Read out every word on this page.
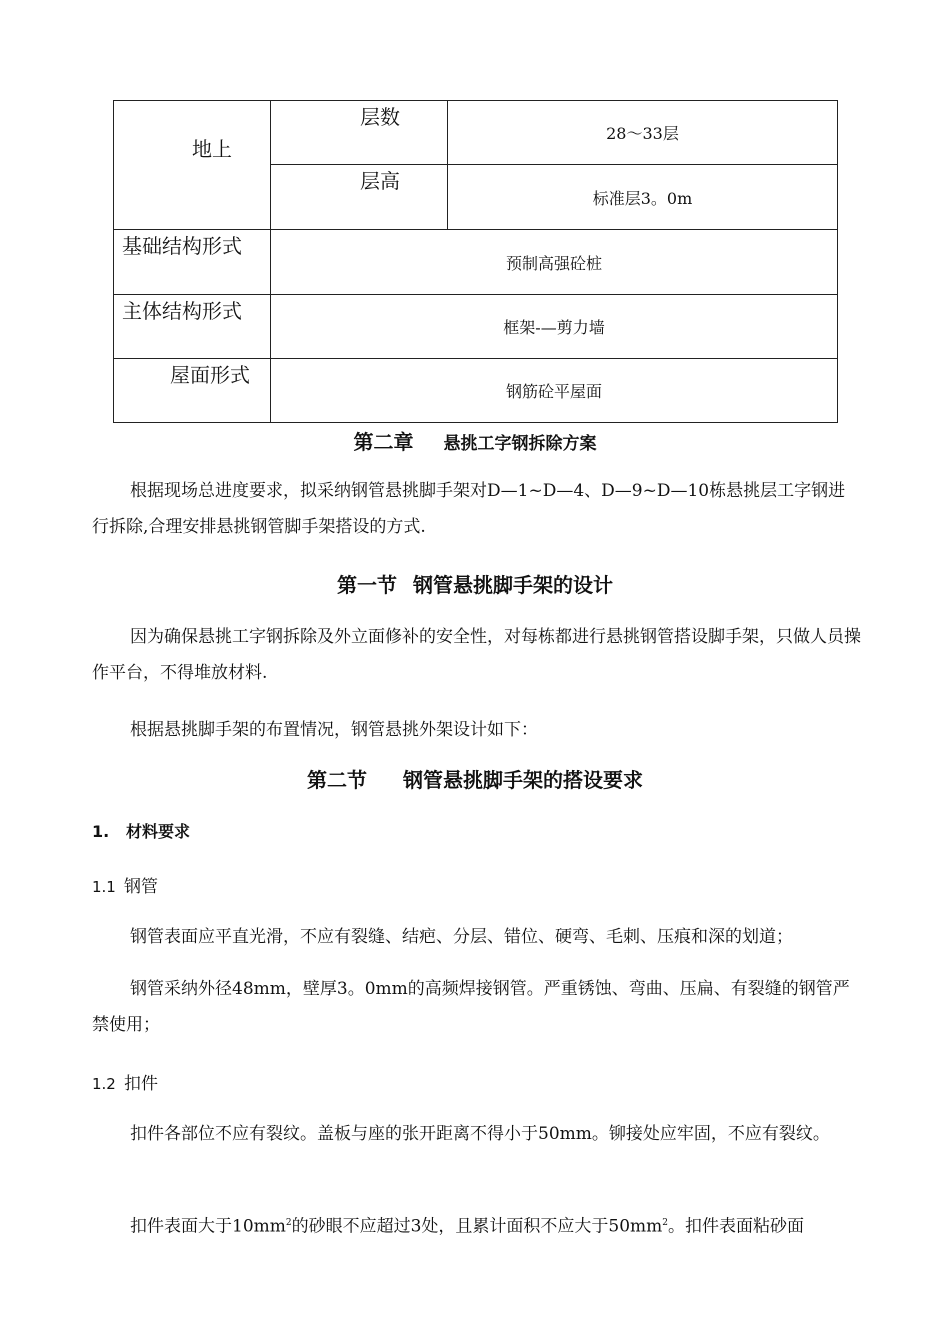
地上	层数	28～33层

	层高	标准层3。0m

基础结构形式	预制高强砼桩	

主体结构形式	框架-—剪力墙	

屋面形式	钢筋砼平屋面	
第二章 悬挑工字钢拆除方案

根据现场总进度要求，拟采纳钢管悬挑脚手架对D—1~D—4、D—9~D—10栋悬挑层工字钢进行拆除,合理安排悬挑钢管脚手架搭设的方式.

第一节 钢管悬挑脚手架的设计

因为确保悬挑工字钢拆除及外立面修补的安全性，对每栋都进行悬挑钢管搭设脚手架，只做人员操作平台，不得堆放材料.

根据悬挑脚手架的布置情况，钢管悬挑外架设计如下：

第二节 钢管悬挑脚手架的搭设要求
1. 材料要求
1.1 钢管

钢管表面应平直光滑，不应有裂缝、结疤、分层、错位、硬弯、毛刺、压痕和深的划道；

钢管采纳外径48mm，壁厚3。0mm的高频焊接钢管。严重锈蚀、弯曲、压扁、有裂缝的钢管严禁使用；

1.2 扣件

扣件各部位不应有裂纹。盖板与座的张开距离不得小于50mm。铆接处应牢固，不应有裂纹。

扣件表面大于$10mm^2$的砂眼不应超过3处，且累计面积不应大于$50mm^2$。扣件表面粘砂面
